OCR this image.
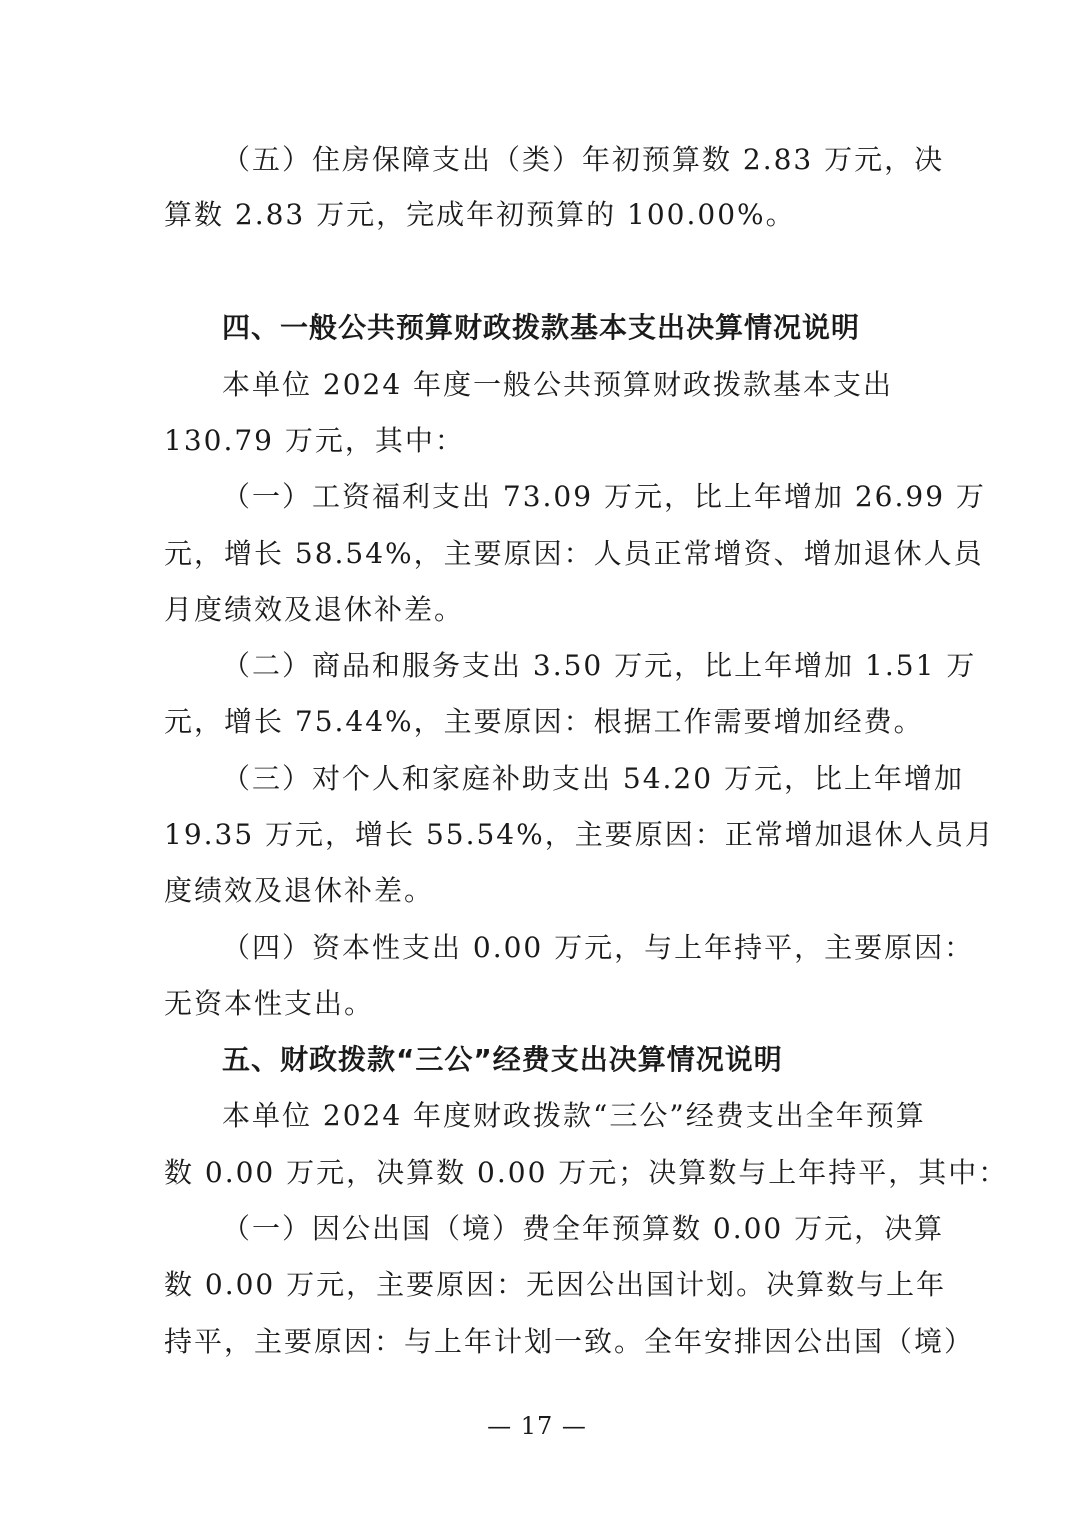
（五）住房保障支出（类）年初预算数 2.83 万元，决
算数 2.83 万元，完成年初预算的 100.00%。
四、一般公共预算财政拨款基本支出决算情况说明
本单位 2024 年度一般公共预算财政拨款基本支出
130.79 万元，其中：
（一）工资福利支出 73.09 万元，比上年增加 26.99 万
元，增长 58.54%，主要原因：人员正常增资、增加退休人员
月度绩效及退休补差。
（二）商品和服务支出 3.50 万元，比上年增加 1.51 万
元，增长 75.44%，主要原因：根据工作需要增加经费。
（三）对个人和家庭补助支出 54.20 万元，比上年增加
19.35 万元，增长 55.54%，主要原因：正常增加退休人员月
度绩效及退休补差。
（四）资本性支出 0.00 万元，与上年持平，主要原因：
无资本性支出。
五、财政拨款“三公”经费支出决算情况说明
本单位 2024 年度财政拨款“三公”经费支出全年预算
数 0.00 万元，决算数 0.00 万元；决算数与上年持平，其中：
（一）因公出国（境）费全年预算数 0.00 万元，决算
数 0.00 万元，主要原因：无因公出国计划。决算数与上年
持平，主要原因：与上年计划一致。全年安排因公出国（境）
— 17 —
